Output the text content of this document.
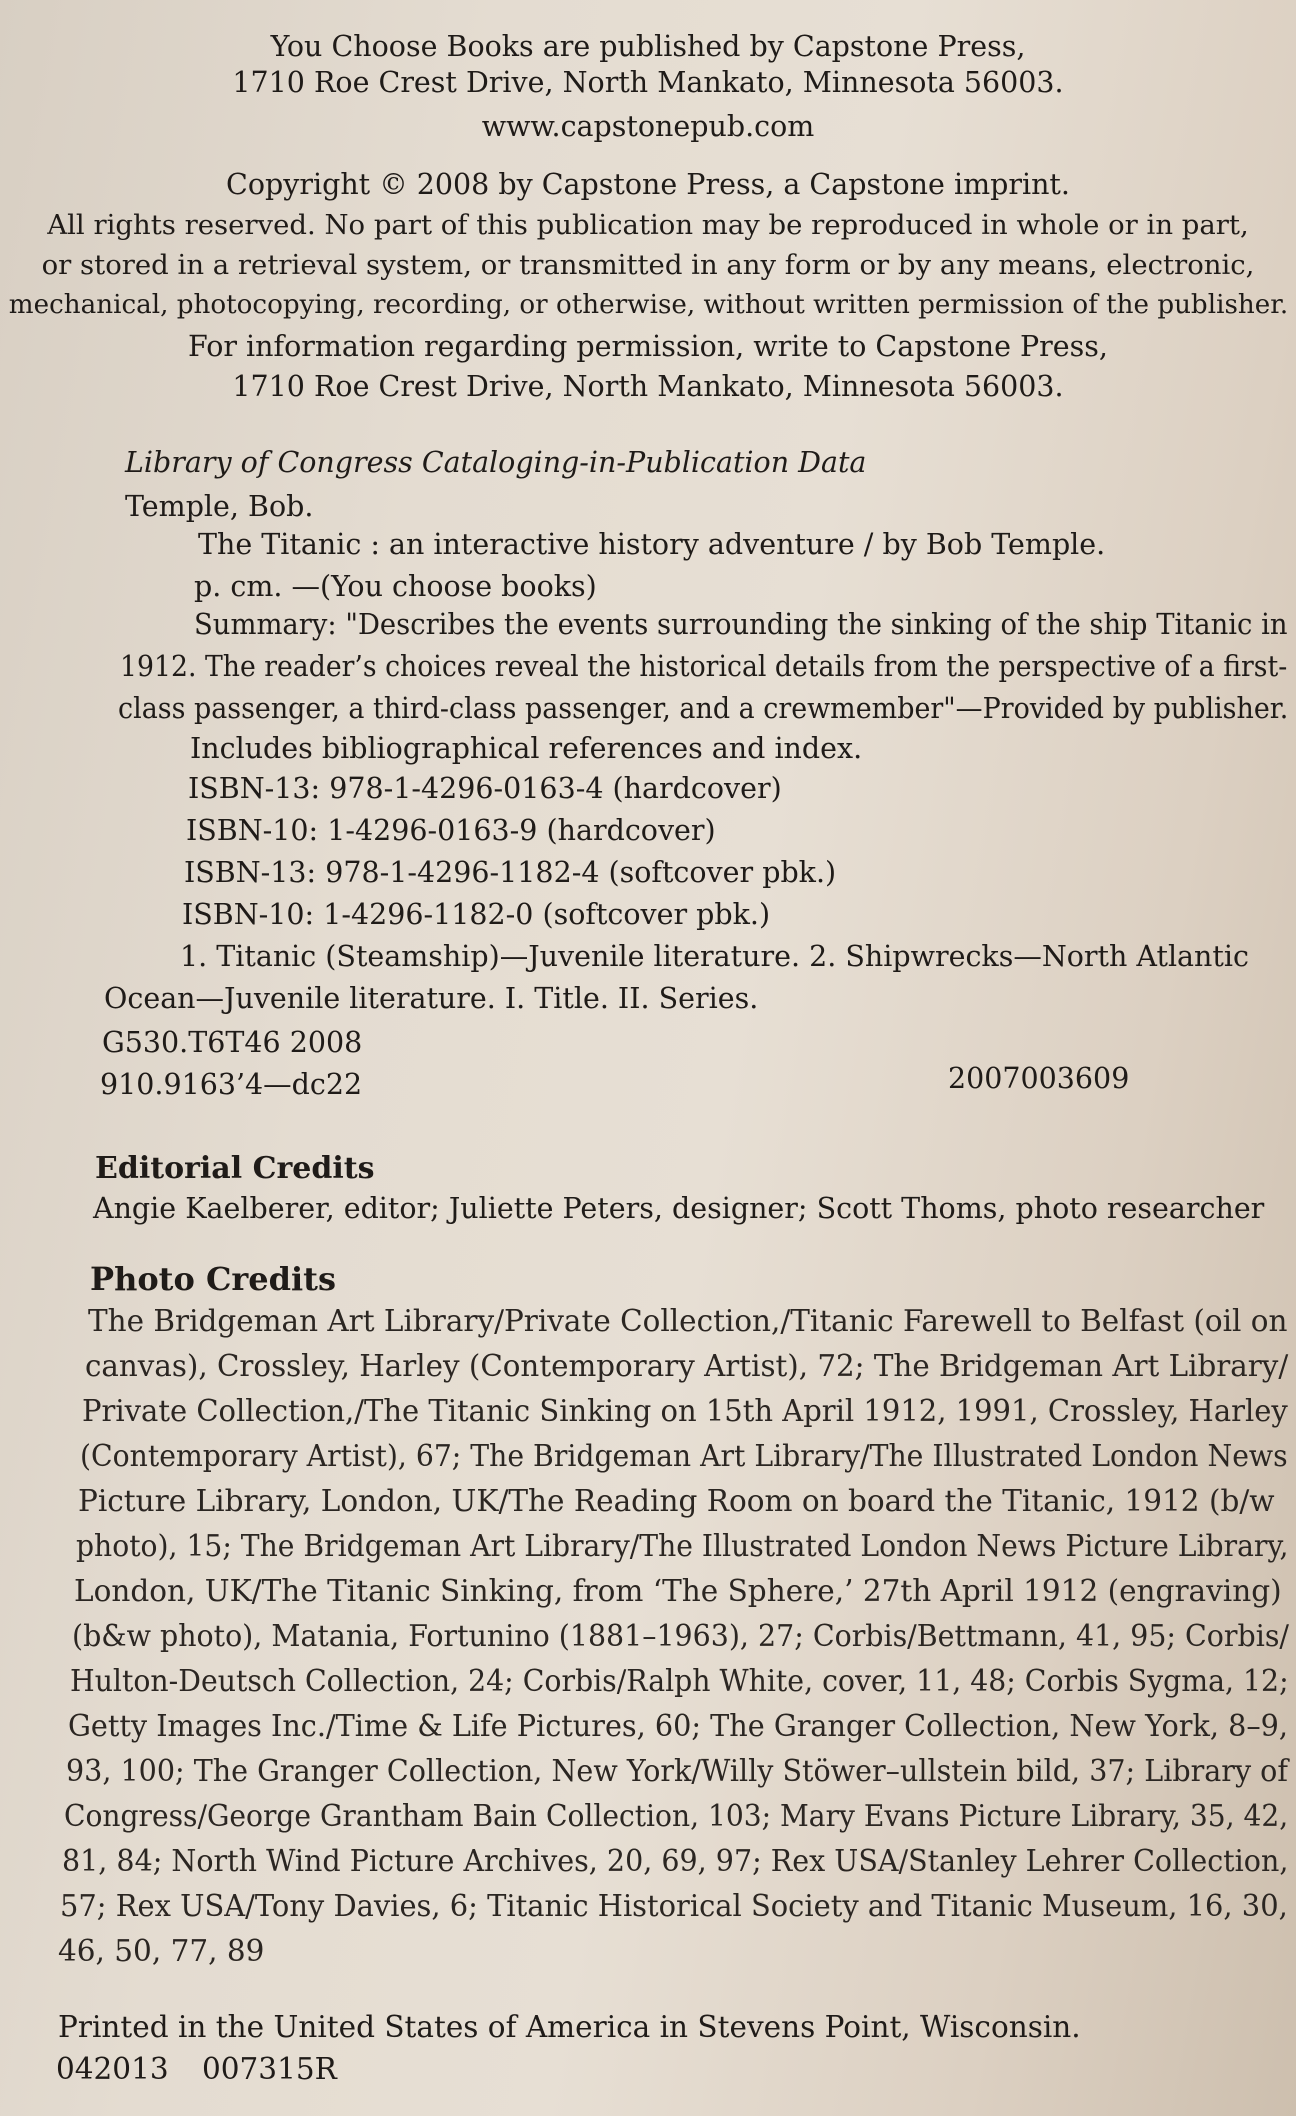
You Choose Books are published by Capstone Press,
1710 Roe Crest Drive, North Mankato, Minnesota 56003.
www.capstonepub.com
Copyright © 2008 by Capstone Press, a Capstone imprint.
All rights reserved. No part of this publication may be reproduced in whole or in part,
or stored in a retrieval system, or transmitted in any form or by any means, electronic,
mechanical, photocopying, recording, or otherwise, without written permission of the publisher.
For information regarding permission, write to Capstone Press,
1710 Roe Crest Drive, North Mankato, Minnesota 56003.
Library of Congress Cataloging-in-Publication Data
Temple, Bob.
The Titanic : an interactive history adventure / by Bob Temple.
p. cm. —(You choose books)
Summary: "Describes the events surrounding the sinking of the ship Titanic in
1912. The reader’s choices reveal the historical details from the perspective of a first-
class passenger, a third-class passenger, and a crewmember"—Provided by publisher.
Includes bibliographical references and index.
ISBN-13: 978-1-4296-0163-4 (hardcover)
ISBN-10: 1-4296-0163-9 (hardcover)
ISBN-13: 978-1-4296-1182-4 (softcover pbk.)
ISBN-10: 1-4296-1182-0 (softcover pbk.)
1. Titanic (Steamship)—Juvenile literature. 2. Shipwrecks—North Atlantic
Ocean—Juvenile literature. I. Title. II. Series.
G530.T6T46 2008
910.9163’4—dc22	2007003609
Editorial Credits
Angie Kaelberer, editor; Juliette Peters, designer; Scott Thoms, photo researcher
Photo Credits
The Bridgeman Art Library/Private Collection,/Titanic Farewell to Belfast (oil on
canvas), Crossley, Harley (Contemporary Artist), 72; The Bridgeman Art Library/
Private Collection,/The Titanic Sinking on 15th April 1912, 1991, Crossley, Harley
(Contemporary Artist), 67; The Bridgeman Art Library/The Illustrated London News
Picture Library, London, UK/The Reading Room on board the Titanic, 1912 (b/w
photo), 15; The Bridgeman Art Library/The Illustrated London News Picture Library,
London, UK/The Titanic Sinking, from ‘The Sphere,’ 27th April 1912 (engraving)
(b&w photo), Matania, Fortunino (1881–1963), 27; Corbis/Bettmann, 41, 95; Corbis/
Hulton-Deutsch Collection, 24; Corbis/Ralph White, cover, 11, 48; Corbis Sygma, 12;
Getty Images Inc./Time & Life Pictures, 60; The Granger Collection, New York, 8–9,
93, 100; The Granger Collection, New York/Willy Stöwer–ullstein bild, 37; Library of
Congress/George Grantham Bain Collection, 103; Mary Evans Picture Library, 35, 42,
81, 84; North Wind Picture Archives, 20, 69, 97; Rex USA/Stanley Lehrer Collection,
57; Rex USA/Tony Davies, 6; Titanic Historical Society and Titanic Museum, 16, 30,
46, 50, 77, 89
Printed in the United States of America in Stevens Point, Wisconsin.
042013 007315R
